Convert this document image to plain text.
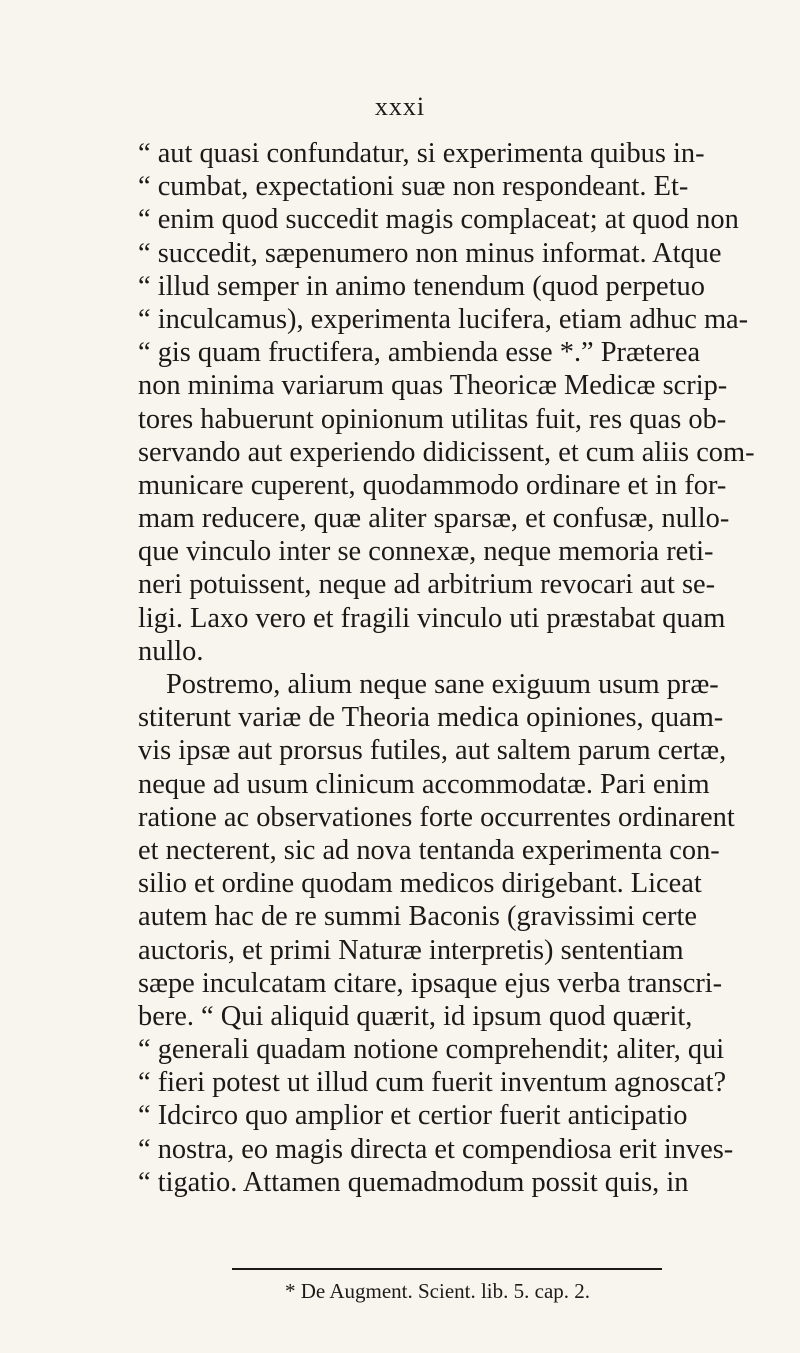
xxxi
“ aut quasi confundatur, si experimenta quibus in-
“ cumbat, expectationi suæ non respondeant. Et-
“ enim quod succedit magis complaceat; at quod non
“ succedit, sæpenumero non minus informat. Atque
“ illud semper in animo tenendum (quod perpetuo
“ inculcamus), experimenta lucifera, etiam adhuc ma-
“ gis quam fructifera, ambienda esse *.” Præterea
non minima variarum quas Theoricæ Medicæ scrip-
tores habuerunt opinionum utilitas fuit, res quas ob-
servando aut experiendo didicissent, et cum aliis com-
municare cuperent, quodammodo ordinare et in for-
mam reducere, quæ aliter sparsæ, et confusæ, nullo-
que vinculo inter se connexæ, neque memoria reti-
neri potuissent, neque ad arbitrium revocari aut se-
ligi. Laxo vero et fragili vinculo uti præstabat quam
nullo.
Postremo, alium neque sane exiguum usum præ-
stiterunt variæ de Theoria medica opiniones, quam-
vis ipsæ aut prorsus futiles, aut saltem parum certæ,
neque ad usum clinicum accommodatæ. Pari enim
ratione ac observationes forte occurrentes ordinarent
et necterent, sic ad nova tentanda experimenta con-
silio et ordine quodam medicos dirigebant. Liceat
autem hac de re summi Baconis (gravissimi certe
auctoris, et primi Naturæ interpretis) sententiam
sæpe inculcatam citare, ipsaque ejus verba transcri-
bere. “ Qui aliquid quærit, id ipsum quod quærit,
“ generali quadam notione comprehendit; aliter, qui
“ fieri potest ut illud cum fuerit inventum agnoscat?
“ Idcirco quo amplior et certior fuerit anticipatio
“ nostra, eo magis directa et compendiosa erit inves-
“ tigatio. Attamen quemadmodum possit quis, in
* De Augment. Scient. lib. 5. cap. 2.
